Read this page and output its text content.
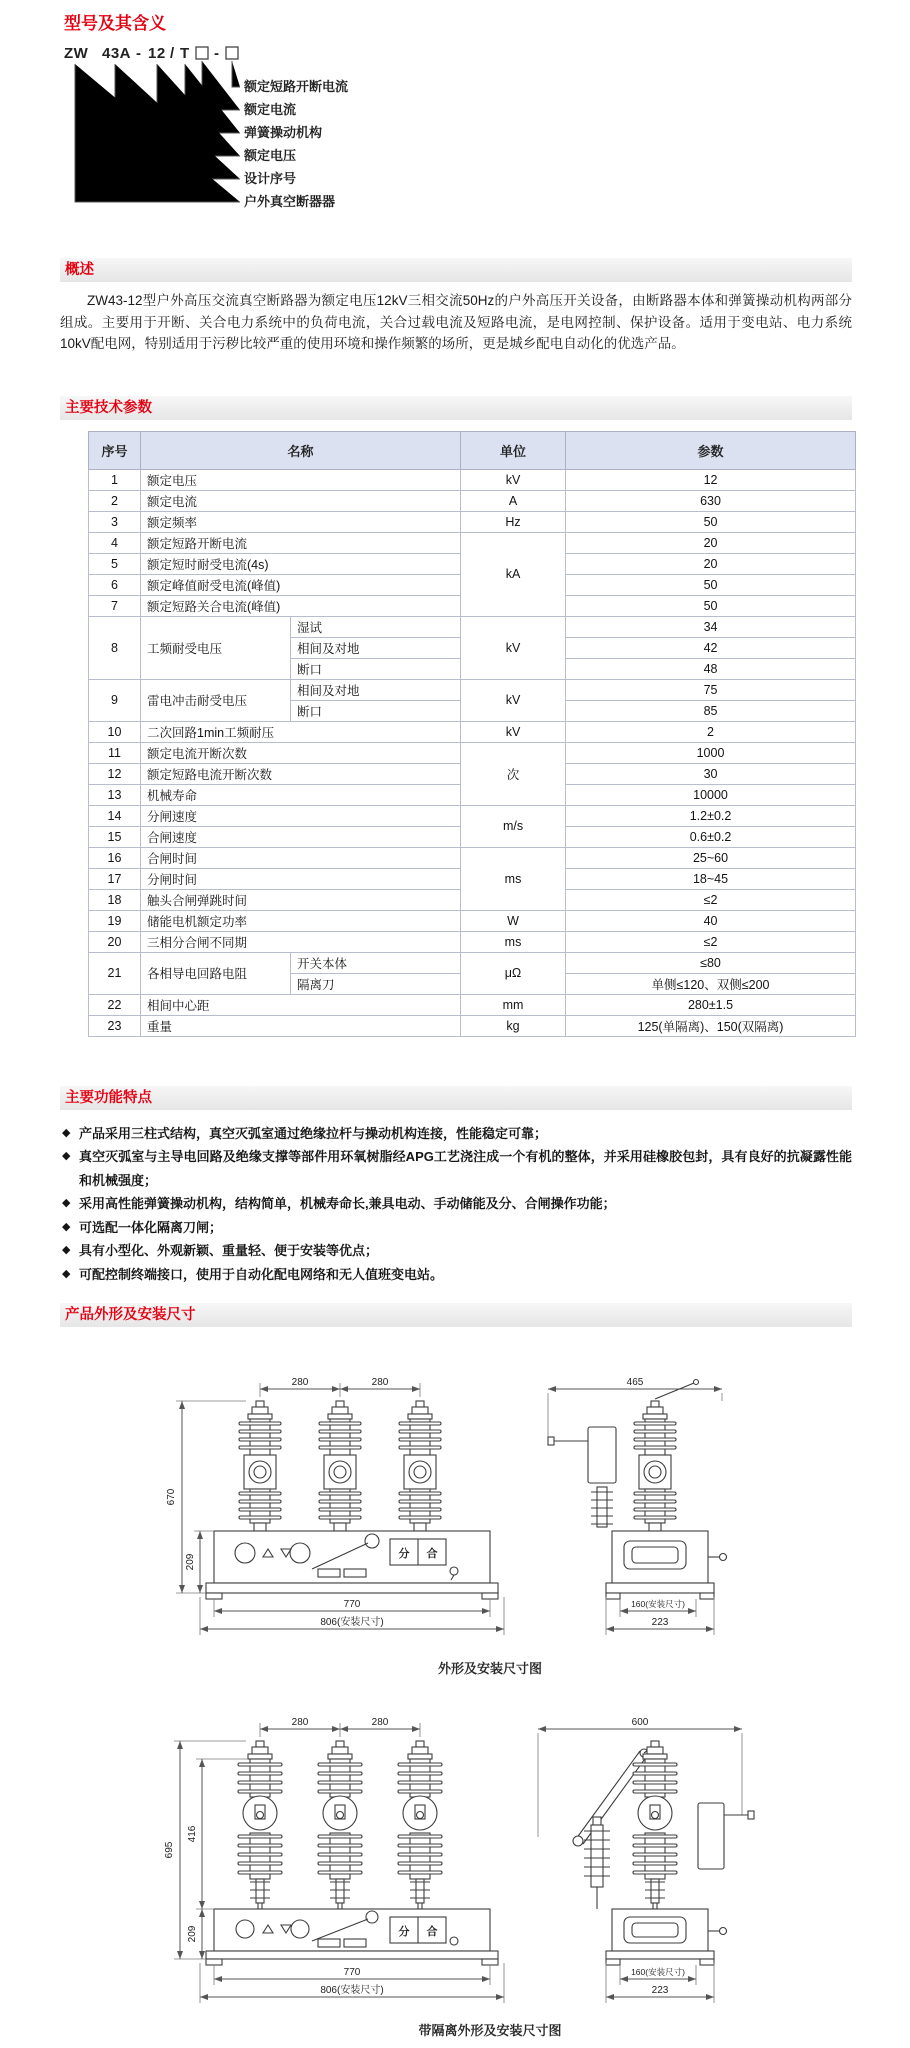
型号及其含义
ZW 43A - 12 / T -
额定短路开断电流
额定电流
弹簧操动机构
额定电压
设计序号
户外真空断器器
概述

ZW43-12型户外高压交流真空断路器为额定电压12kV三相交流50Hz的户外高压开关设备，由断路器本体和弹簧操动机构两部分组成。主要用于开断、关合电力系统中的负荷电流，关合过载电流及短路电流，是电网控制、保护设备。适用于变电站、电力系统10kV配电网，特别适用于污秽比较严重的使用环境和操作频繁的场所，更是城乡配电自动化的优选产品。

主要技术参数
序号	名称		单位	参数
1	额定电压		kV	12
2	额定电流		A	630
3	额定频率		Hz	50
4	额定短路开断电流		kA	20
5	额定短时耐受电流(4s)			20
6	额定峰值耐受电流(峰值)			50
7	额定短路关合电流(峰值)			50
8	工频耐受电压	湿试	kV	34
		相间及对地		42
		断口		48
9	雷电冲击耐受电压	相间及对地	kV	75
		断口		85
10	二次回路1min工频耐压		kV	2
11	额定电流开断次数		次	1000
12	额定短路电流开断次数			30
13	机械寿命			10000
14	分闸速度		m/s	1.2±0.2
15	合闸速度			0.6±0.2
16	合闸时间		ms	25~60
17	分闸时间			18~45
18	触头合闸弹跳时间			≤2
19	储能电机额定功率		W	40
20	三相分合闸不同期		ms	≤2
21	各相导电回路电阻	开关本体	μΩ	≤80
		隔离刀		单侧≤120、双侧≤200
22	相间中心距		mm	280±1.5
23	重量		kg	125(单隔离)、150(双隔离)
主要功能特点
◆ 产品采用三柱式结构，真空灭弧室通过绝缘拉杆与操动机构连接，性能稳定可靠；
◆ 真空灭弧室与主导电回路及绝缘支撑等部件用环氧树脂经APG工艺浇注成一个有机的整体，并采用硅橡胶包封，具有良好的抗凝露性能和机械强度；
◆ 采用高性能弹簧操动机构，结构简单，机械寿命长,兼具电动、手动储能及分、合闸操作功能；
◆ 可选配一体化隔离刀闸；
◆ 具有小型化、外观新颖、重量轻、便于安装等优点；
◆ 可配控制终端接口，使用于自动化配电网络和无人值班变电站。
产品外形及安装尺寸
280	280
分 合
670
209
770
806(安装尺寸)
465
160(安装尺寸)
223
外形及安装尺寸图
280	280
分 合
695
416
209
770
806(安装尺寸)
600
160(安装尺寸)
223
带隔离外形及安装尺寸图
